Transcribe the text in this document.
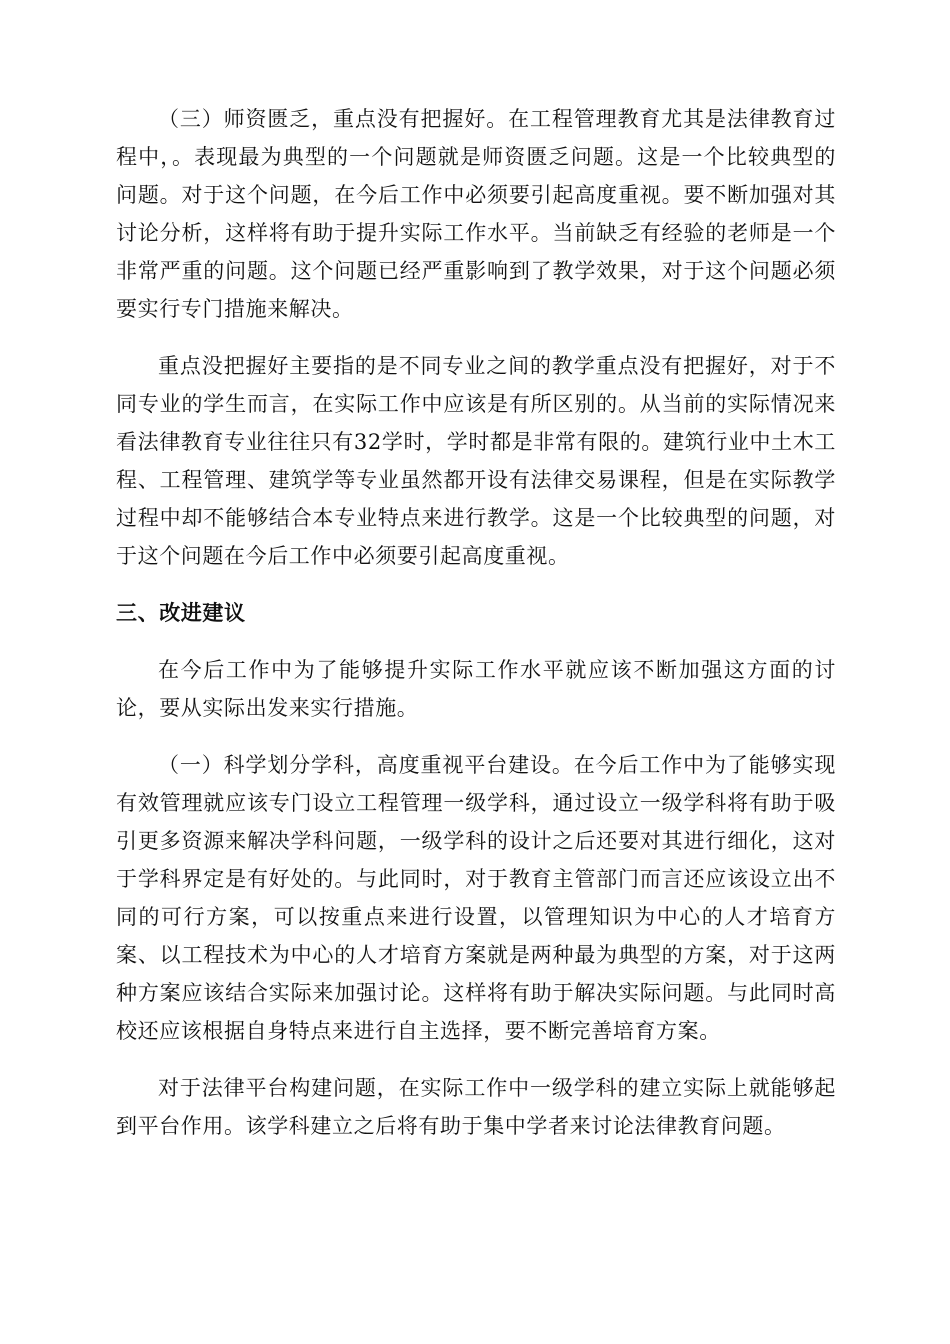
（三）师资匮乏，重点没有把握好。在工程管理教育尤其是法律教育过程中，。表现最为典型的一个问题就是师资匮乏问题。这是一个比较典型的问题。对于这个问题，在今后工作中必须要引起高度重视。要不断加强对其讨论分析，这样将有助于提升实际工作水平。当前缺乏有经验的老师是一个非常严重的问题。这个问题已经严重影响到了教学效果，对于这个问题必须要实行专门措施来解决。

重点没把握好主要指的是不同专业之间的教学重点没有把握好，对于不同专业的学生而言，在实际工作中应该是有所区别的。从当前的实际情况来看法律教育专业往往只有32学时，学时都是非常有限的。建筑行业中土木工程、工程管理、建筑学等专业虽然都开设有法律交易课程，但是在实际教学过程中却不能够结合本专业特点来进行教学。这是一个比较典型的问题，对于这个问题在今后工作中必须要引起高度重视。

三、改进建议

在今后工作中为了能够提升实际工作水平就应该不断加强这方面的讨论，要从实际出发来实行措施。

（一）科学划分学科，高度重视平台建设。在今后工作中为了能够实现有效管理就应该专门设立工程管理一级学科，通过设立一级学科将有助于吸引更多资源来解决学科问题，一级学科的设计之后还要对其进行细化，这对于学科界定是有好处的。与此同时，对于教育主管部门而言还应该设立出不同的可行方案，可以按重点来进行设置，以管理知识为中心的人才培育方案、以工程技术为中心的人才培育方案就是两种最为典型的方案，对于这两种方案应该结合实际来加强讨论。这样将有助于解决实际问题。与此同时高校还应该根据自身特点来进行自主选择，要不断完善培育方案。

对于法律平台构建问题，在实际工作中一级学科的建立实际上就能够起到平台作用。该学科建立之后将有助于集中学者来讨论法律教育问题。
